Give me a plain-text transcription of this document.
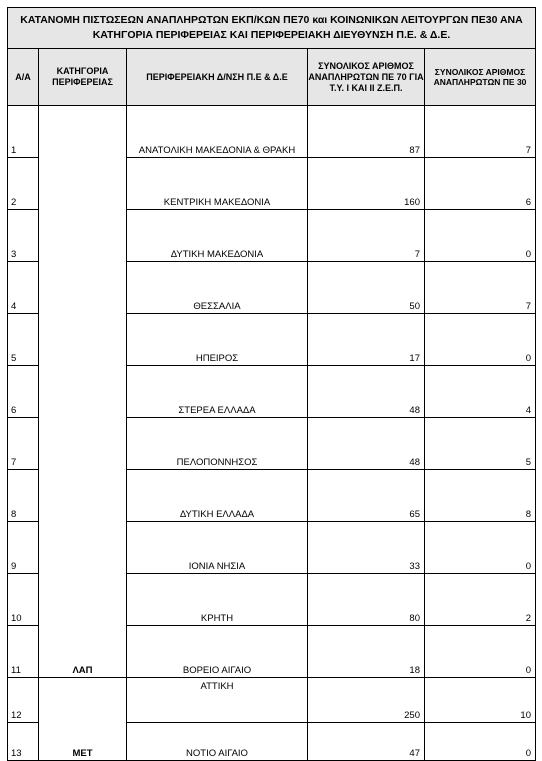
ΚΑΤΑΝΟΜΗ ΠΙΣΤΩΣΕΩΝ ΑΝΑΠΛΗΡΩΤΩΝ ΕΚΠ/ΚΩΝ ΠΕ70 και ΚΟΙΝΩΝΙΚΩΝ ΛΕΙΤΟΥΡΓΩΝ ΠΕ30 ΑΝΑ
ΚΑΤΗΓΟΡΙΑ ΠΕΡΙΦΕΡΕΙΑΣ ΚΑΙ ΠΕΡΙΦΕΡΕΙΑΚΗ ΔΙΕΥΘΥΝΣΗ Π.Ε. & Δ.Ε.				
Α/Α	ΚΑΤΗΓΟΡΙΑ ΠΕΡΙΦΕΡΕΙΑΣ	ΠΕΡΙΦΕΡΕΙΑΚΗ Δ/ΝΣΗ Π.Ε & Δ.Ε	ΣΥΝΟΛΙΚΟΣ ΑΡΙΘΜΟΣ ΑΝΑΠΛΗΡΩΤΩΝ ΠΕ 70 ΓΙΑ Τ.Υ. Ι ΚΑΙ ΙΙ Ζ.Ε.Π.	ΣΥΝΟΛΙΚΟΣ ΑΡΙΘΜΟΣ ΑΝΑΠΛΗΡΩΤΩΝ ΠΕ 30
1	ΛΑΠ	ΑΝΑΤΟΛΙΚΗ ΜΑΚΕΔΟΝΙΑ & ΘΡΑΚΗ	87	7
2		ΚΕΝΤΡΙΚΗ ΜΑΚΕΔΟΝΙΑ	160	6
3		ΔΥΤΙΚΗ ΜΑΚΕΔΟΝΙΑ	7	0
4		ΘΕΣΣΑΛΙΑ	50	7
5		ΗΠΕΙΡΟΣ	17	0
6		ΣΤΕΡΕΑ ΕΛΛΑΔΑ	48	4
7		ΠΕΛΟΠΟΝΝΗΣΟΣ	48	5
8		ΔΥΤΙΚΗ ΕΛΛΑΔΑ	65	8
9		ΙΟΝΙΑ ΝΗΣΙΑ	33	0
10		ΚΡΗΤΗ	80	2
11		ΒΟΡΕΙΟ ΑΙΓΑΙΟ	18	0
12	ΜΕΤ	ΑΤΤΙΚΗ	250	10
13		ΝΟΤΙΟ ΑΙΓΑΙΟ	47	0
